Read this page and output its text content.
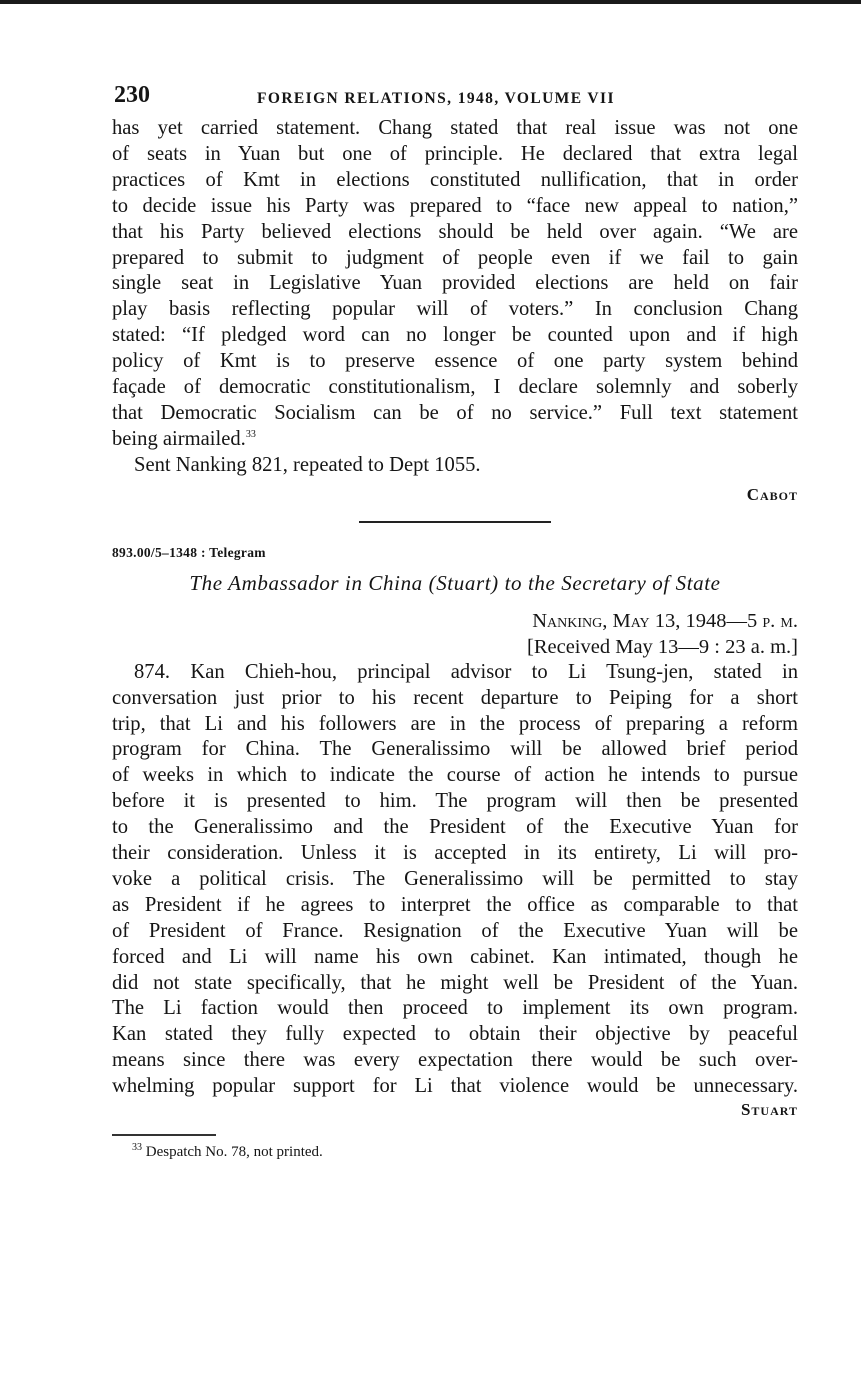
230	FOREIGN RELATIONS, 1948, VOLUME VII
has yet carried statement. Chang stated that real issue was not one
of seats in Yuan but one of principle. He declared that extra legal
practices of Kmt in elections constituted nullification, that in order
to decide issue his Party was prepared to “face new appeal to nation,”
that his Party believed elections should be held over again. “We are
prepared to submit to judgment of people even if we fail to gain
single seat in Legislative Yuan provided elections are held on fair
play basis reflecting popular will of voters.” In conclusion Chang
stated: “If pledged word can no longer be counted upon and if high
policy of Kmt is to preserve essence of one party system behind
façade of democratic constitutionalism, I declare solemnly and soberly
that Democratic Socialism can be of no service.” Full text statement
being airmailed.$^{33}$
Sent Nanking 821, repeated to Dept 1055.
Cabot
893.00/5–1348 : Telegram
The Ambassador in China (Stuart) to the Secretary of State
Nanking, May 13, 1948—5 p. m.
[Received May 13—9 : 23 a. m.]
874. Kan Chieh-hou, principal advisor to Li Tsung-jen, stated in
conversation just prior to his recent departure to Peiping for a short
trip, that Li and his followers are in the process of preparing a reform
program for China. The Generalissimo will be allowed brief period
of weeks in which to indicate the course of action he intends to pursue
before it is presented to him. The program will then be presented
to the Generalissimo and the President of the Executive Yuan for
their consideration. Unless it is accepted in its entirety, Li will pro-
voke a political crisis. The Generalissimo will be permitted to stay
as President if he agrees to interpret the office as comparable to that
of President of France. Resignation of the Executive Yuan will be
forced and Li will name his own cabinet. Kan intimated, though he
did not state specifically, that he might well be President of the Yuan.
The Li faction would then proceed to implement its own program.
Kan stated they fully expected to obtain their objective by peaceful
means since there was every expectation there would be such over-
whelming popular support for Li that violence would be unnecessary.
Stuart
$^{33}$ Despatch No. 78, not printed.
